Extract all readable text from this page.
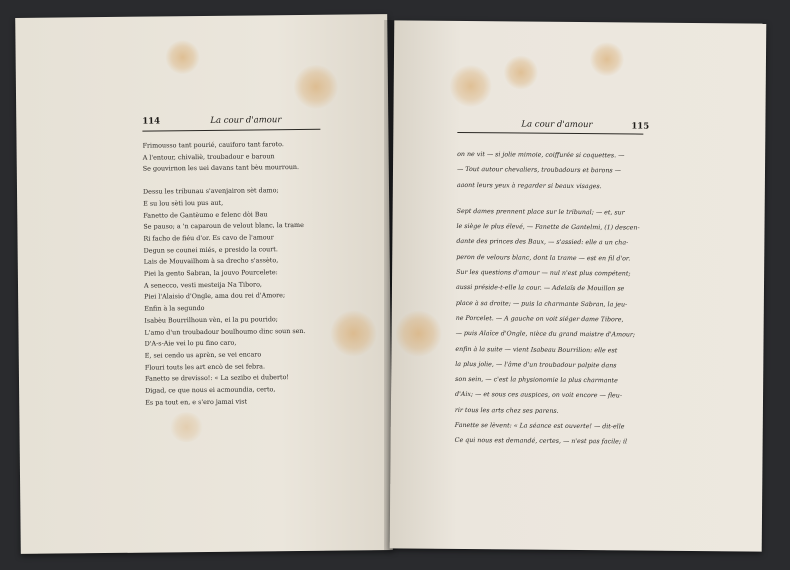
114	La cour d'amour
Frimousso tant pourié, cauiforo tant faroto.
A l'entour, chivaliè, troubadour e baroun
Se gouvirnon les uei davans tant bèu mourroun.
Dessu les tribunau s'avenjairon sèt damo;
E su lou sèti lou pus aut,
Fanetto de Gantèumo e felenc dòi Bau
Se pauso; a 'n caparoun de velout blanc, la trame
Ri facho de fiéu d'or. Es cavo de l'amour
Degun se counei miés, e presido la court.
Lais de Mouvailhom à sa drecho s'assèto,
Piei la gento Sabran, la jouvo Pourcelete:
A senecco, vesti mesteija Na Tiboro,
Piei l'Alaisio d'Ongle, ama dou rei d'Amore;
Enfin à la segundo
Isabèu Bourrilhoun vèn, ei la pu pourido;
L'amo d'un troubadour boulhoumo dinc soun sen.
D'A-s-Aie vei lo pu fino caro,
E, sei cendo us aprèn, se vei encaro
Flouri touts les art encò de sei febra.
Fanetto se drevisso!: « La sezibo ei duberto!
Digad, ce que nous ei acmoundia, certo,
Es pa tout en, e s'ero jamai vist
La cour d'amour	115
on ne vit — si jolie mimoie, coiffurée si coquettes. —
— Tout autour chevaliers, troubadours et barons —
aaont leurs yeux à regarder si beaux visages.
Sept dames prennent place sur le tribunal; — et, sur
le siège le plus élevé, — Fanette de Gantelmi, (1) descen-
dante des princes des Baux, — s'assied: elle a un cha-
peron de velours blanc, dont la trame — est en fil d'or.
Sur les questions d'amour — nul n'est plus compétent;
aussi préside-t-elle la cour. — Adelaïs de Mouillon se
place à sa droite; — puis la charmante Sabran, la jeu-
ne Porcelet. — A gauche on voit siéger dame Tibore,
— puis Alaïce d'Ongle, nièce du grand maistre d'Amour;
enfin à la suite — vient Isabeau Bourrilion: elle est
la plus jolie, — l'âme d'un troubadour palpite dans
son sein, — c'est la physionomie la plus charmante
d'Aix; — et sous ces auspices, on voit encore — fleu-
rir tous les arts chez ses parens.
Fanette se lèvent: « La séance est ouverte! — dit-elle
Ce qui nous est demandé, certes, — n'est pas facile; il
